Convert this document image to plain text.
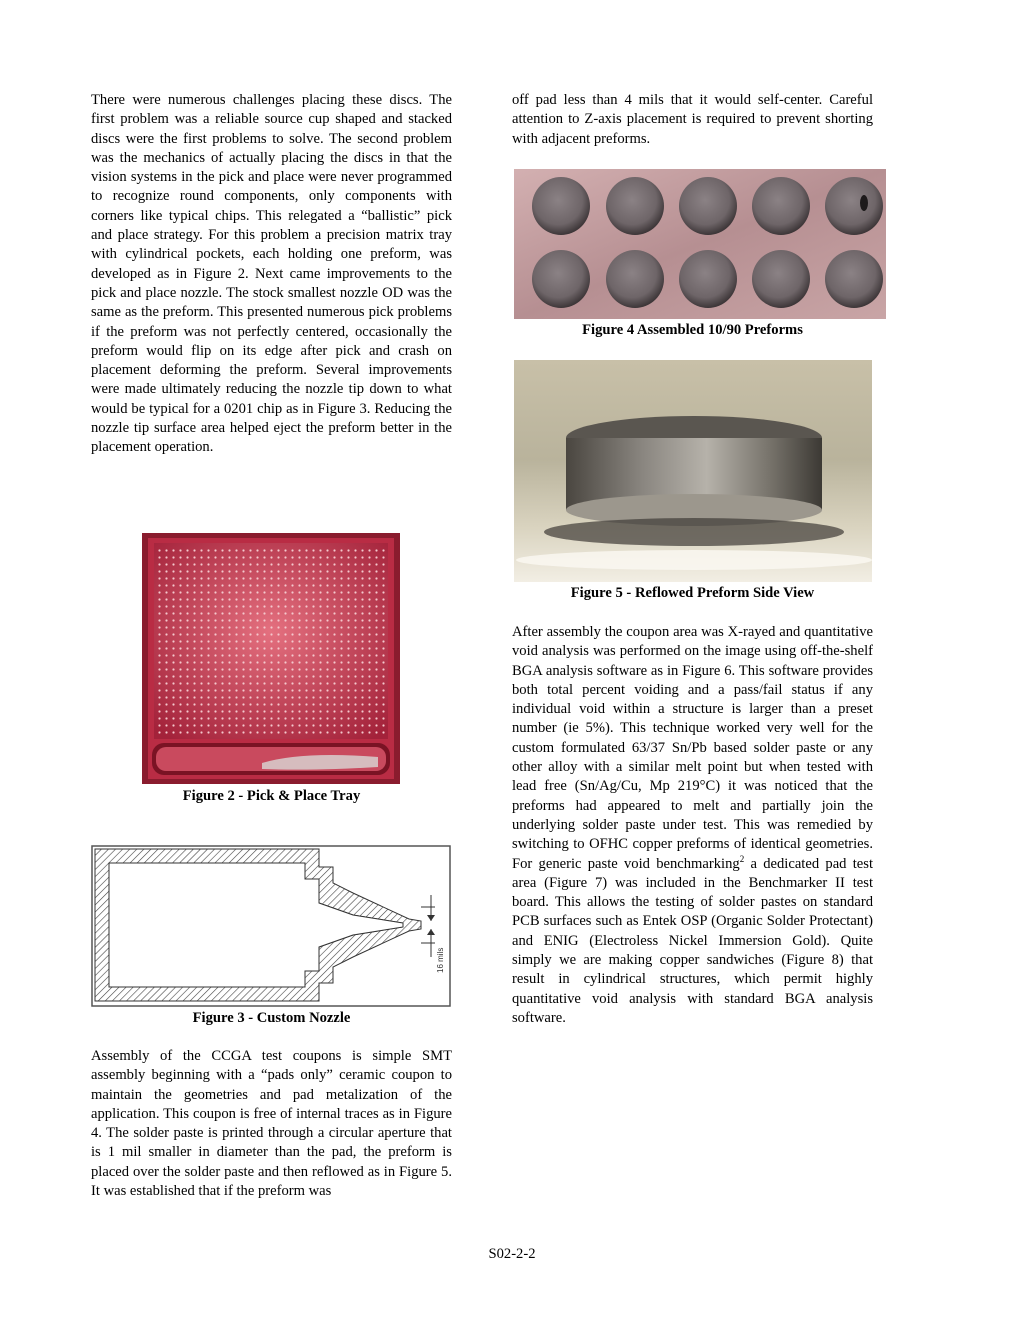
There were numerous challenges placing these discs. The first problem was a reliable source cup shaped and stacked discs were the first problems to solve. The second problem was the mechanics of actually placing the discs in that the vision systems in the pick and place were never programmed to recognize round components, only components with corners like typical chips. This relegated a “ballistic” pick and place strategy. For this problem a precision matrix tray with cylindrical pockets, each holding one preform, was developed as in Figure 2. Next came improvements to the pick and place nozzle. The stock smallest nozzle OD was the same as the preform. This presented numerous pick problems if the preform was not perfectly centered, occasionally the preform would flip on its edge after pick and crash on placement deforming the preform. Several improvements were made ultimately reducing the nozzle tip down to what would be typical for a 0201 chip as in Figure 3. Reducing the nozzle tip surface area helped eject the preform better in the placement operation.

Figure 2 - Pick & Place Tray
16 mils
Figure 3 - Custom Nozzle

Assembly of the CCGA test coupons is simple SMT assembly beginning with a “pads only” ceramic coupon to maintain the geometries and pad metalization of the application. This coupon is free of internal traces as in Figure 4. The solder paste is printed through a circular aperture that is 1 mil smaller in diameter than the pad, the preform is placed over the solder paste and then reflowed as in Figure 5. It was established that if the preform was

off pad less than 4 mils that it would self-center. Careful attention to Z-axis placement is required to prevent shorting with adjacent preforms.

Figure 4 Assembled 10/90 Preforms
Figure 5 - Reflowed Preform Side View

After assembly the coupon area was X-rayed and quantitative void analysis was performed on the image using off-the-shelf BGA analysis software as in Figure 6. This software provides both total percent voiding and a pass/fail status if any individual void within a structure is larger than a preset number (ie 5%). This technique worked very well for the custom formulated 63/37 Sn/Pb based solder paste or any other alloy with a similar melt point but when tested with lead free (Sn/Ag/Cu, Mp 219°C) it was noticed that the preforms had appeared to melt and partially join the underlying solder paste under test. This was remedied by switching to OFHC copper preforms of identical geometries. For generic paste void benchmarking$^2$ a dedicated pad test area (Figure 7) was included in the Benchmarker II test board. This allows the testing of solder pastes on standard PCB surfaces such as Entek OSP (Organic Solder Protectant) and ENIG (Electroless Nickel Immersion Gold). Quite simply we are making copper sandwiches (Figure 8) that result in cylindrical structures, which permit highly quantitative void analysis with standard BGA analysis software.

S02-2-2
